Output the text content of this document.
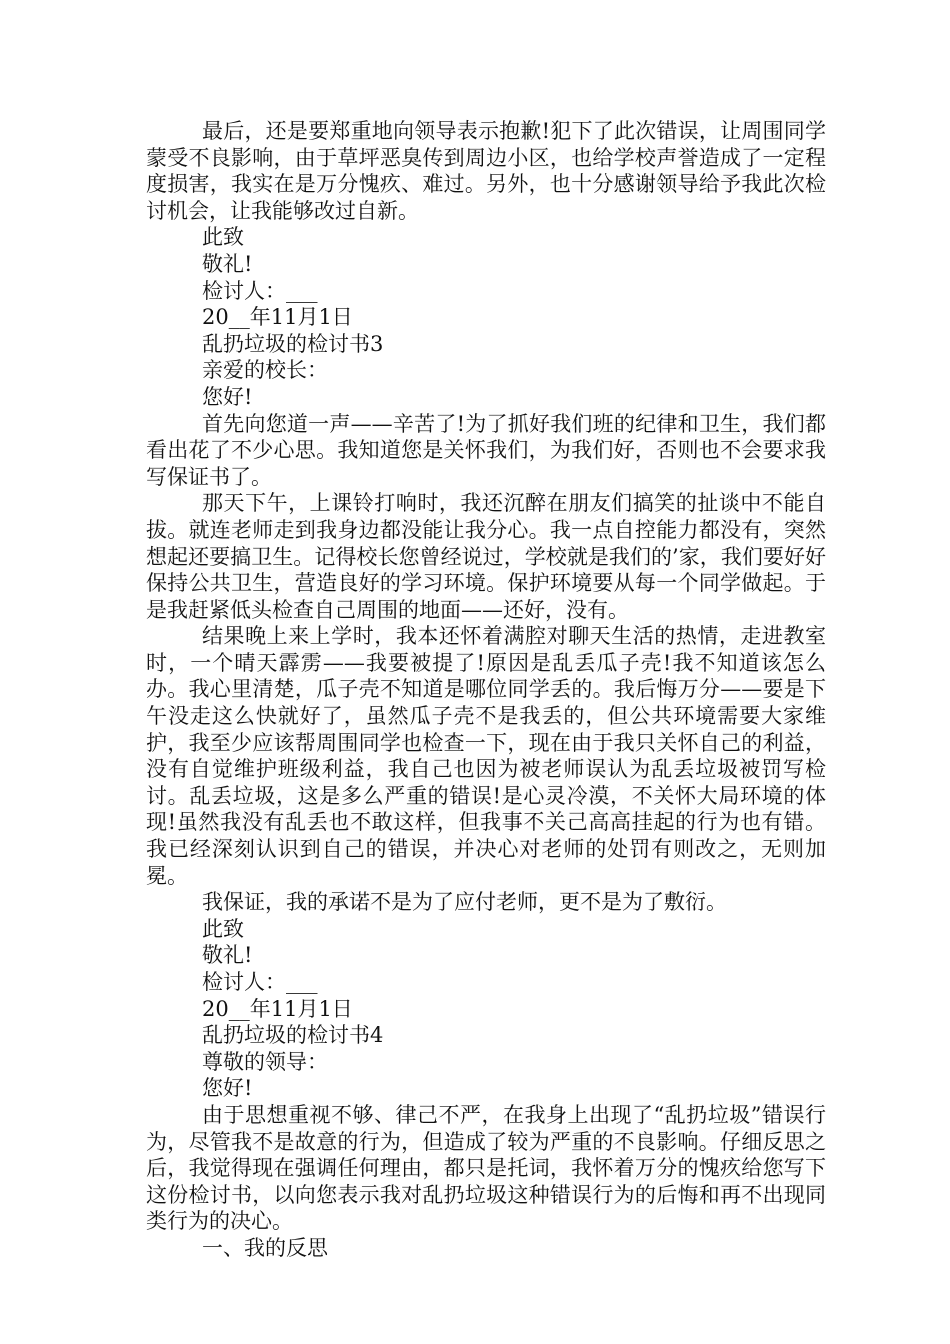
最后，还是要郑重地向领导表示抱歉!犯下了此次错误，让周围同学蒙受不良影响，由于草坪恶臭传到周边小区，也给学校声誉造成了一定程度损害，我实在是万分愧疚、难过。另外，也十分感谢领导给予我此次检讨机会，让我能够改过自新。

此致

敬礼!

检讨人：___

20__年11月1日

乱扔垃圾的检讨书3

亲爱的校长：

您好!

首先向您道一声——辛苦了!为了抓好我们班的纪律和卫生，我们都看出花了不少心思。我知道您是关怀我们，为我们好，否则也不会要求我写保证书了。

那天下午，上课铃打响时，我还沉醉在朋友们搞笑的扯谈中不能自拔。就连老师走到我身边都没能让我分心。我一点自控能力都没有，突然想起还要搞卫生。记得校长您曾经说过，学校就是我们的’家，我们要好好保持公共卫生，营造良好的学习环境。保护环境要从每一个同学做起。于是我赶紧低头检查自己周围的地面——还好，没有。

结果晚上来上学时，我本还怀着满腔对聊天生活的热情，走进教室时，一个晴天霹雳——我要被提了!原因是乱丢瓜子壳!我不知道该怎么办。我心里清楚，瓜子壳不知道是哪位同学丢的。我后悔万分——要是下午没走这么快就好了，虽然瓜子壳不是我丢的，但公共环境需要大家维护，我至少应该帮周围同学也检查一下，现在由于我只关怀自己的利益，没有自觉维护班级利益，我自己也因为被老师误认为乱丢垃圾被罚写检讨。乱丢垃圾，这是多么严重的错误!是心灵冷漠，不关怀大局环境的体现!虽然我没有乱丢也不敢这样，但我事不关己高高挂起的行为也有错。我已经深刻认识到自己的错误，并决心对老师的处罚有则改之，无则加冕。

我保证，我的承诺不是为了应付老师，更不是为了敷衍。

此致

敬礼!

检讨人：___

20__年11月1日

乱扔垃圾的检讨书4

尊敬的领导：

您好!

由于思想重视不够、律己不严，在我身上出现了“乱扔垃圾”错误行为，尽管我不是故意的行为，但造成了较为严重的不良影响。仔细反思之后，我觉得现在强调任何理由，都只是托词，我怀着万分的愧疚给您写下这份检讨书，以向您表示我对乱扔垃圾这种错误行为的后悔和再不出现同类行为的决心。

一、我的反思
